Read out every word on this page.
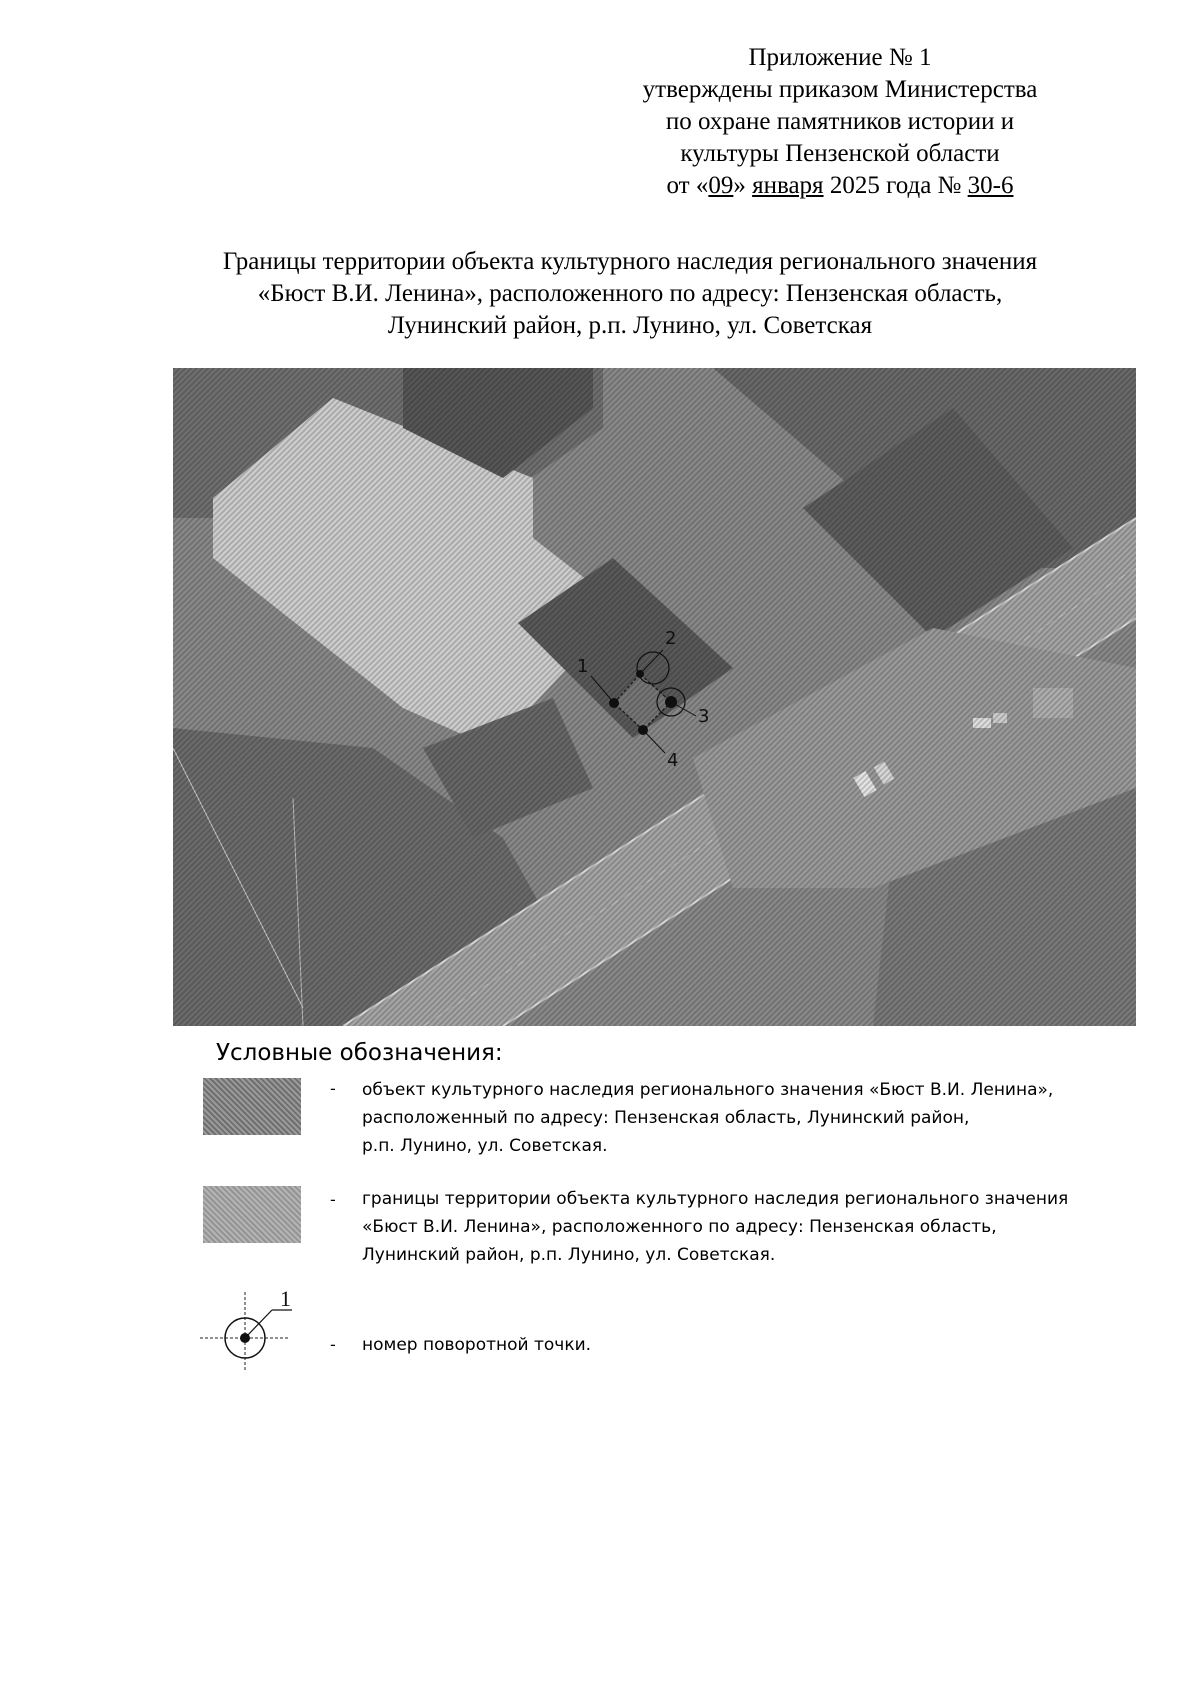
Приложение № 1
утверждены приказом Министерства
по охране памятников истории и
культуры Пензенской области
от «09» января 2025 года № 30-6
Границы территории объекта культурного наследия регионального значения
«Бюст В.И. Ленина», расположенного по адресу: Пензенская область,
Лунинский район, р.п. Лунино, ул. Советская
Условные обозначения:
- объект культурного наследия регионального значения «Бюст В.И. Ленина»,
расположенный по адресу: Пензенская область, Лунинский район,
р.п. Лунино, ул. Советская.
- границы территории объекта культурного наследия регионального значения
«Бюст В.И. Ленина», расположенного по адресу: Пензенская область,
Лунинский район, р.п. Лунино, ул. Советская.
1
- номер поворотной точки.
